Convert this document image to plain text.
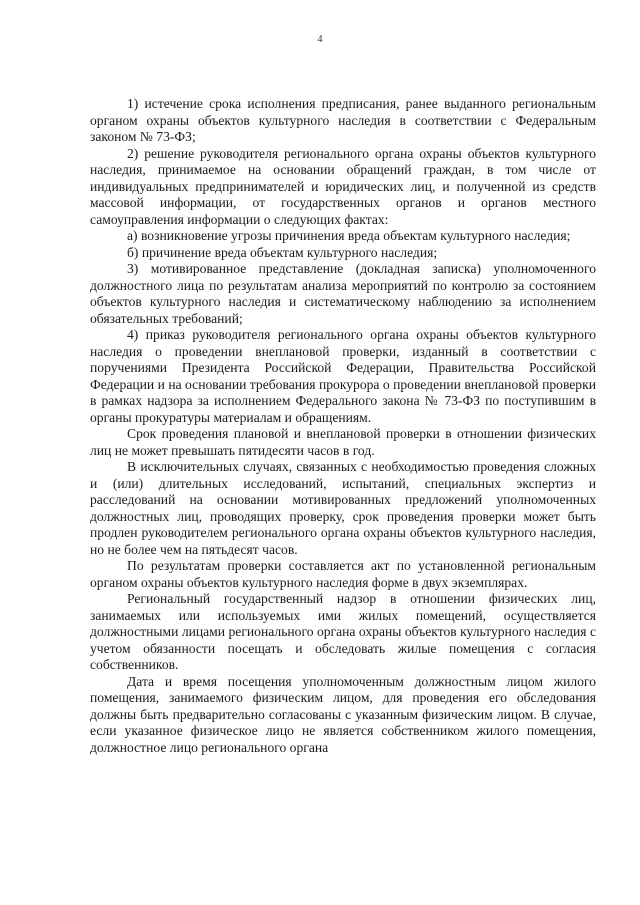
4

1) истечение срока исполнения предписания, ранее выданного региональным органом охраны объектов культурного наследия в соответствии с Федеральным законом № 73-ФЗ;

2) решение руководителя регионального органа охраны объектов культурного наследия, принимаемое на основании обращений граждан, в том числе от индивидуальных предпринимателей и юридических лиц, и полученной из средств массовой информации, от государственных органов и органов местного самоуправления информации о следующих фактах:

а) возникновение угрозы причинения вреда объектам культурного наследия;

б) причинение вреда объектам культурного наследия;

3) мотивированное представление (докладная записка) уполномоченного должностного лица по результатам анализа мероприятий по контролю за состоянием объектов культурного наследия и систематическому наблюдению за исполнением обязательных требований;

4) приказ руководителя регионального органа охраны объектов культурного наследия о проведении внеплановой проверки, изданный в соответствии с поручениями Президента Российской Федерации, Правительства Российской Федерации и на основании требования прокурора о проведении внеплановой проверки в рамках надзора за исполнением Федерального закона № 73-ФЗ по поступившим в органы прокуратуры материалам и обращениям.

Срок проведения плановой и внеплановой проверки в отношении физических лиц не может превышать пятидесяти часов в год.

В исключительных случаях, связанных с необходимостью проведения сложных и (или) длительных исследований, испытаний, специальных экспертиз и расследований на основании мотивированных предложений уполномоченных должностных лиц, проводящих проверку, срок проведения проверки может быть продлен руководителем регионального органа охраны объектов культурного наследия, но не более чем на пятьдесят часов.

По результатам проверки составляется акт по установленной региональным органом охраны объектов культурного наследия форме в двух экземплярах.

Региональный государственный надзор в отношении физических лиц, занимаемых или используемых ими жилых помещений, осуществляется должностными лицами регионального органа охраны объектов культурного наследия с учетом обязанности посещать и обследовать жилые помещения с согласия собственников.

Дата и время посещения уполномоченным должностным лицом жилого помещения, занимаемого физическим лицом, для проведения его обследования должны быть предварительно согласованы с указанным физическим лицом. В случае, если указанное физическое лицо не является собственником жилого помещения, должностное лицо регионального органа
